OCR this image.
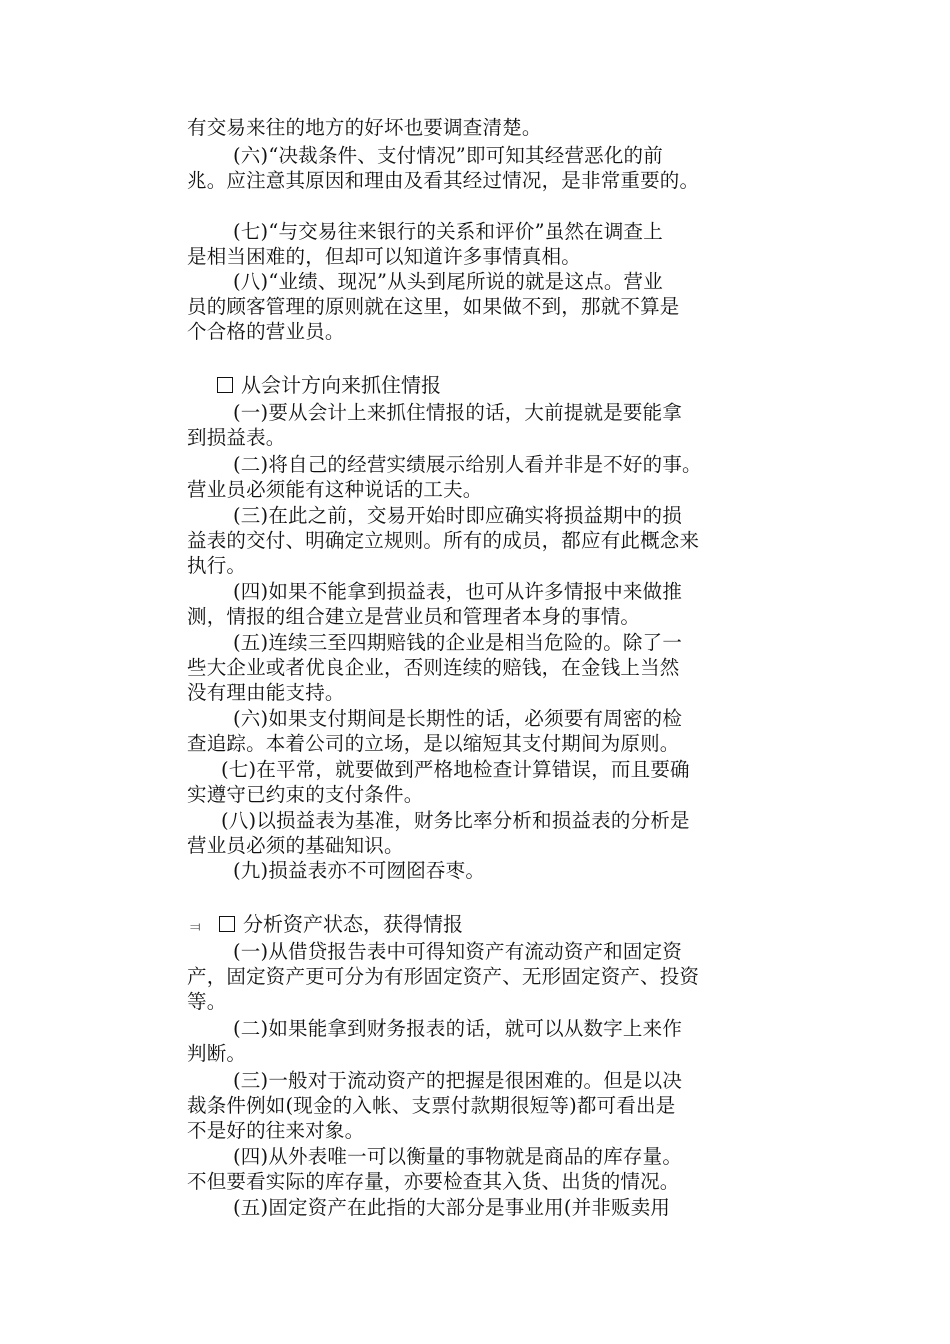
有交易来往的地方的好坏也要调查清楚。
(六)“决裁条件、支付情况”即可知其经营恶化的前
兆。应注意其原因和理由及看其经过情况，是非常重要的。
(七)“与交易往来银行的关系和评价”虽然在调查上
是相当困难的，但却可以知道许多事情真相。
(八)“业绩、现况”从头到尾所说的就是这点。营业
员的顾客管理的原则就在这里，如果做不到，那就不算是
个合格的营业员。
从会计方向来抓住情报
(一)要从会计上来抓住情报的话，大前提就是要能拿
到损益表。
(二)将自己的经营实绩展示给别人看并非是不好的事。
营业员必须能有这种说话的工夫。
(三)在此之前，交易开始时即应确实将损益期中的损
益表的交付、明确定立规则。所有的成员，都应有此概念来
执行。
(四)如果不能拿到损益表，也可从许多情报中来做推
测，情报的组合建立是营业员和管理者本身的事情。
(五)连续三至四期赔钱的企业是相当危险的。除了一
些大企业或者优良企业，否则连续的赔钱，在金钱上当然
没有理由能支持。
(六)如果支付期间是长期性的话，必须要有周密的检
查追踪。本着公司的立场，是以缩短其支付期间为原则。
(七)在平常，就要做到严格地检查计算错误，而且要确
实遵守已约束的支付条件。
(八)以损益表为基准，财务比率分析和损益表的分析是
营业员必须的基础知识。
(九)损益表亦不可囫囵吞枣。
⫤	分析资产状态，获得情报
(一)从借贷报告表中可得知资产有流动资产和固定资
产，固定资产更可分为有形固定资产、无形固定资产、投资
等。
(二)如果能拿到财务报表的话，就可以从数字上来作
判断。
(三)一般对于流动资产的把握是很困难的。但是以决
裁条件例如(现金的入帐、支票付款期很短等)都可看出是
不是好的往来对象。
(四)从外表唯一可以衡量的事物就是商品的库存量。
不但要看实际的库存量，亦要检查其入货、出货的情况。
(五)固定资产在此指的大部分是事业用(并非贩卖用
